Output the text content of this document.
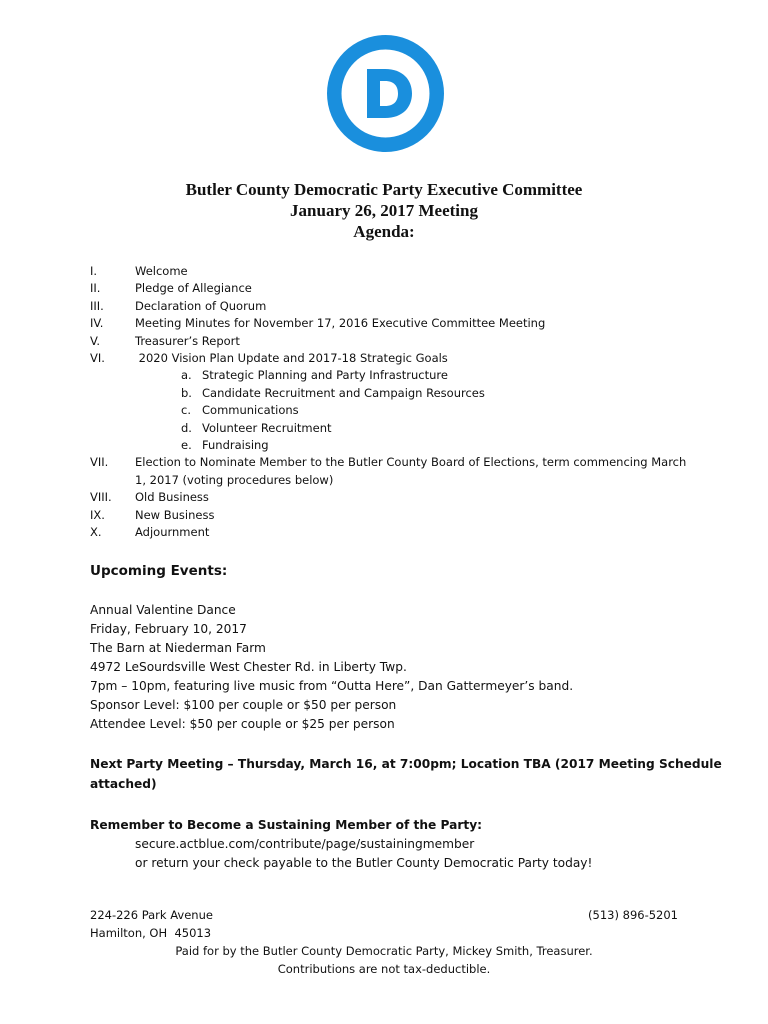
Butler County Democratic Party Executive Committee
January 26, 2017 Meeting
Agenda:
I.	Welcome
II.	Pledge of Allegiance
III.	Declaration of Quorum
IV.	Meeting Minutes for November 17, 2016 Executive Committee Meeting
V.	Treasurer’s Report
VI.	2020 Vision Plan Update and 2017-18 Strategic Goals
a. Strategic Planning and Party Infrastructure
b. Candidate Recruitment and Campaign Resources
c. Communications
d. Volunteer Recruitment
e. Fundraising
VII. Election to Nominate Member to the Butler County Board of Elections, term commencing March
1, 2017 (voting procedures below)
VIII. Old Business
IX.	New Business
X.	Adjournment
Upcoming Events:
Annual Valentine Dance
Friday, February 10, 2017
The Barn at Niederman Farm
4972 LeSourdsville West Chester Rd. in Liberty Twp.
7pm – 10pm, featuring live music from “Outta Here”, Dan Gattermeyer’s band.
Sponsor Level: $100 per couple or $50 per person
Attendee Level: $50 per couple or $25 per person
Next Party Meeting – Thursday, March 16, at 7:00pm; Location TBA (2017 Meeting Schedule
attached)
Remember to Become a Sustaining Member of the Party:
secure.actblue.com/contribute/page/sustainingmember
or return your check payable to the Butler County Democratic Party today!
224-226 Park Avenue
Hamilton, OH  45013
(513) 896-5201
Paid for by the Butler County Democratic Party, Mickey Smith, Treasurer.
Contributions are not tax-deductible.
